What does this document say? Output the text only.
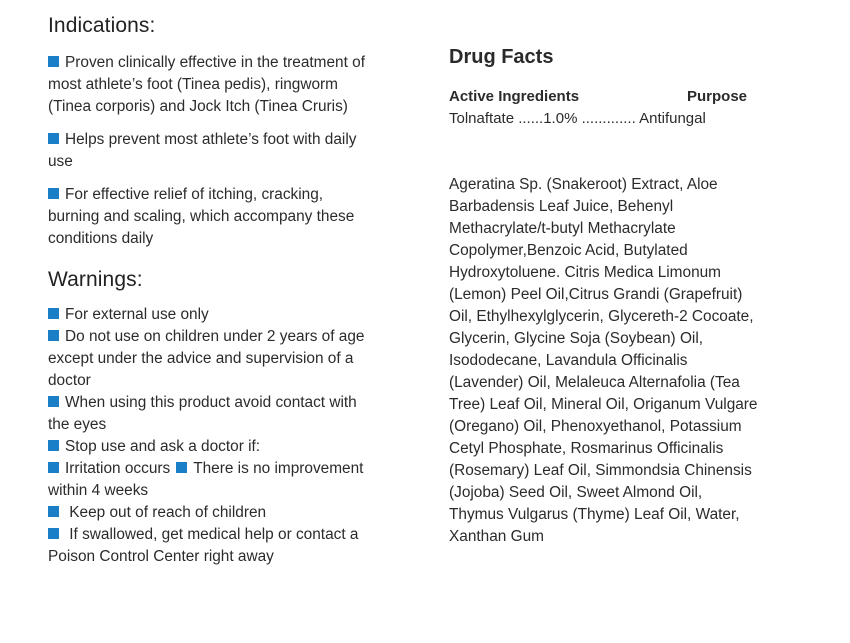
Indications:

Proven clinically effective in the treatment of most athlete’s foot (Tinea pedis), ringworm (Tinea corporis) and Jock Itch (Tinea Cruris)

Helps prevent most athlete’s foot with daily use

For effective relief of itching, cracking, burning and scaling, which accompany these conditions daily

Warnings:

For external use only

Do not use on children under 2 years of age except under the advice and supervision of a doctor

When using this product avoid contact with the eyes

Stop use and ask a doctor if:

Irritation occurs There is no improvement within 4 weeks

Keep out of reach of children

If swallowed, get medical help or contact a Poison Control Center right away

Drug Facts
Active Ingredients	Purpose
Tolnaftate ......1.0% ............. Antifungal
Ageratina Sp. (Snakeroot) Extract, Aloe Barbadensis Leaf Juice, Behenyl Methacrylate/t-butyl Methacrylate Copolymer,Benzoic Acid, Butylated Hydroxytoluene. Citris Medica Limonum (Lemon) Peel Oil,Citrus Grandi (Grapefruit) Oil, Ethylhexylglycerin, Glycereth-2 Cocoate, Glycerin, Glycine Soja (Soybean) Oil, Isododecane, Lavandula Officinalis (Lavender) Oil, Melaleuca Alternafolia (Tea Tree) Leaf Oil, Mineral Oil, Origanum Vulgare (Oregano) Oil, Phenoxyethanol, Potassium Cetyl Phosphate, Rosmarinus Officinalis (Rosemary) Leaf Oil, Simmondsia Chinensis (Jojoba) Seed Oil, Sweet Almond Oil, Thymus Vulgarus (Thyme) Leaf Oil, Water, Xanthan Gum
